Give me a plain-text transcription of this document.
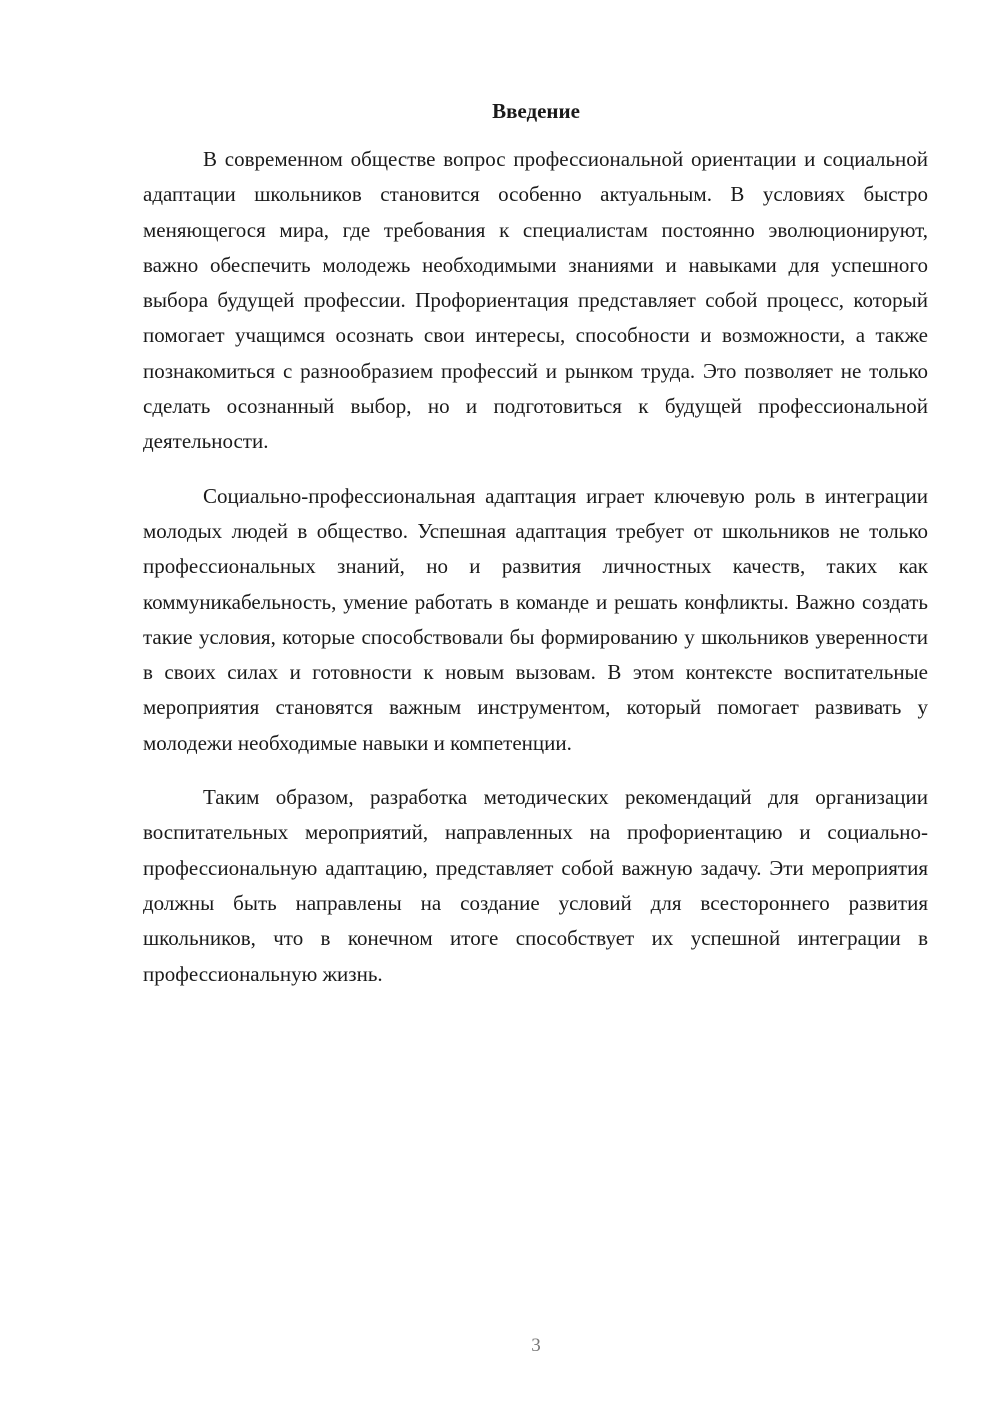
Введение

В современном обществе вопрос профессиональной ориентации и социальной адаптации школьников становится особенно актуальным. В условиях быстро меняющегося мира, где требования к специалистам постоянно эволюционируют, важно обеспечить молодежь необходимыми знаниями и навыками для успешного выбора будущей профессии. Профориентация представляет собой процесс, который помогает учащимся осознать свои интересы, способности и возможности, а также познакомиться с разнообразием профессий и рынком труда. Это позволяет не только сделать осознанный выбор, но и подготовиться к будущей профессиональной деятельности.

Социально-профессиональная адаптация играет ключевую роль в интеграции молодых людей в общество. Успешная адаптация требует от школьников не только профессиональных знаний, но и развития личностных качеств, таких как коммуникабельность, умение работать в команде и решать конфликты. Важно создать такие условия, которые способствовали бы формированию у школьников уверенности в своих силах и готовности к новым вызовам. В этом контексте воспитательные мероприятия становятся важным инструментом, который помогает развивать у молодежи необходимые навыки и компетенции.

Таким образом, разработка методических рекомендаций для организации воспитательных мероприятий, направленных на профориентацию и социально-профессиональную адаптацию, представляет собой важную задачу. Эти мероприятия должны быть направлены на создание условий для всестороннего развития школьников, что в конечном итоге способствует их успешной интеграции в профессиональную жизнь.

3
